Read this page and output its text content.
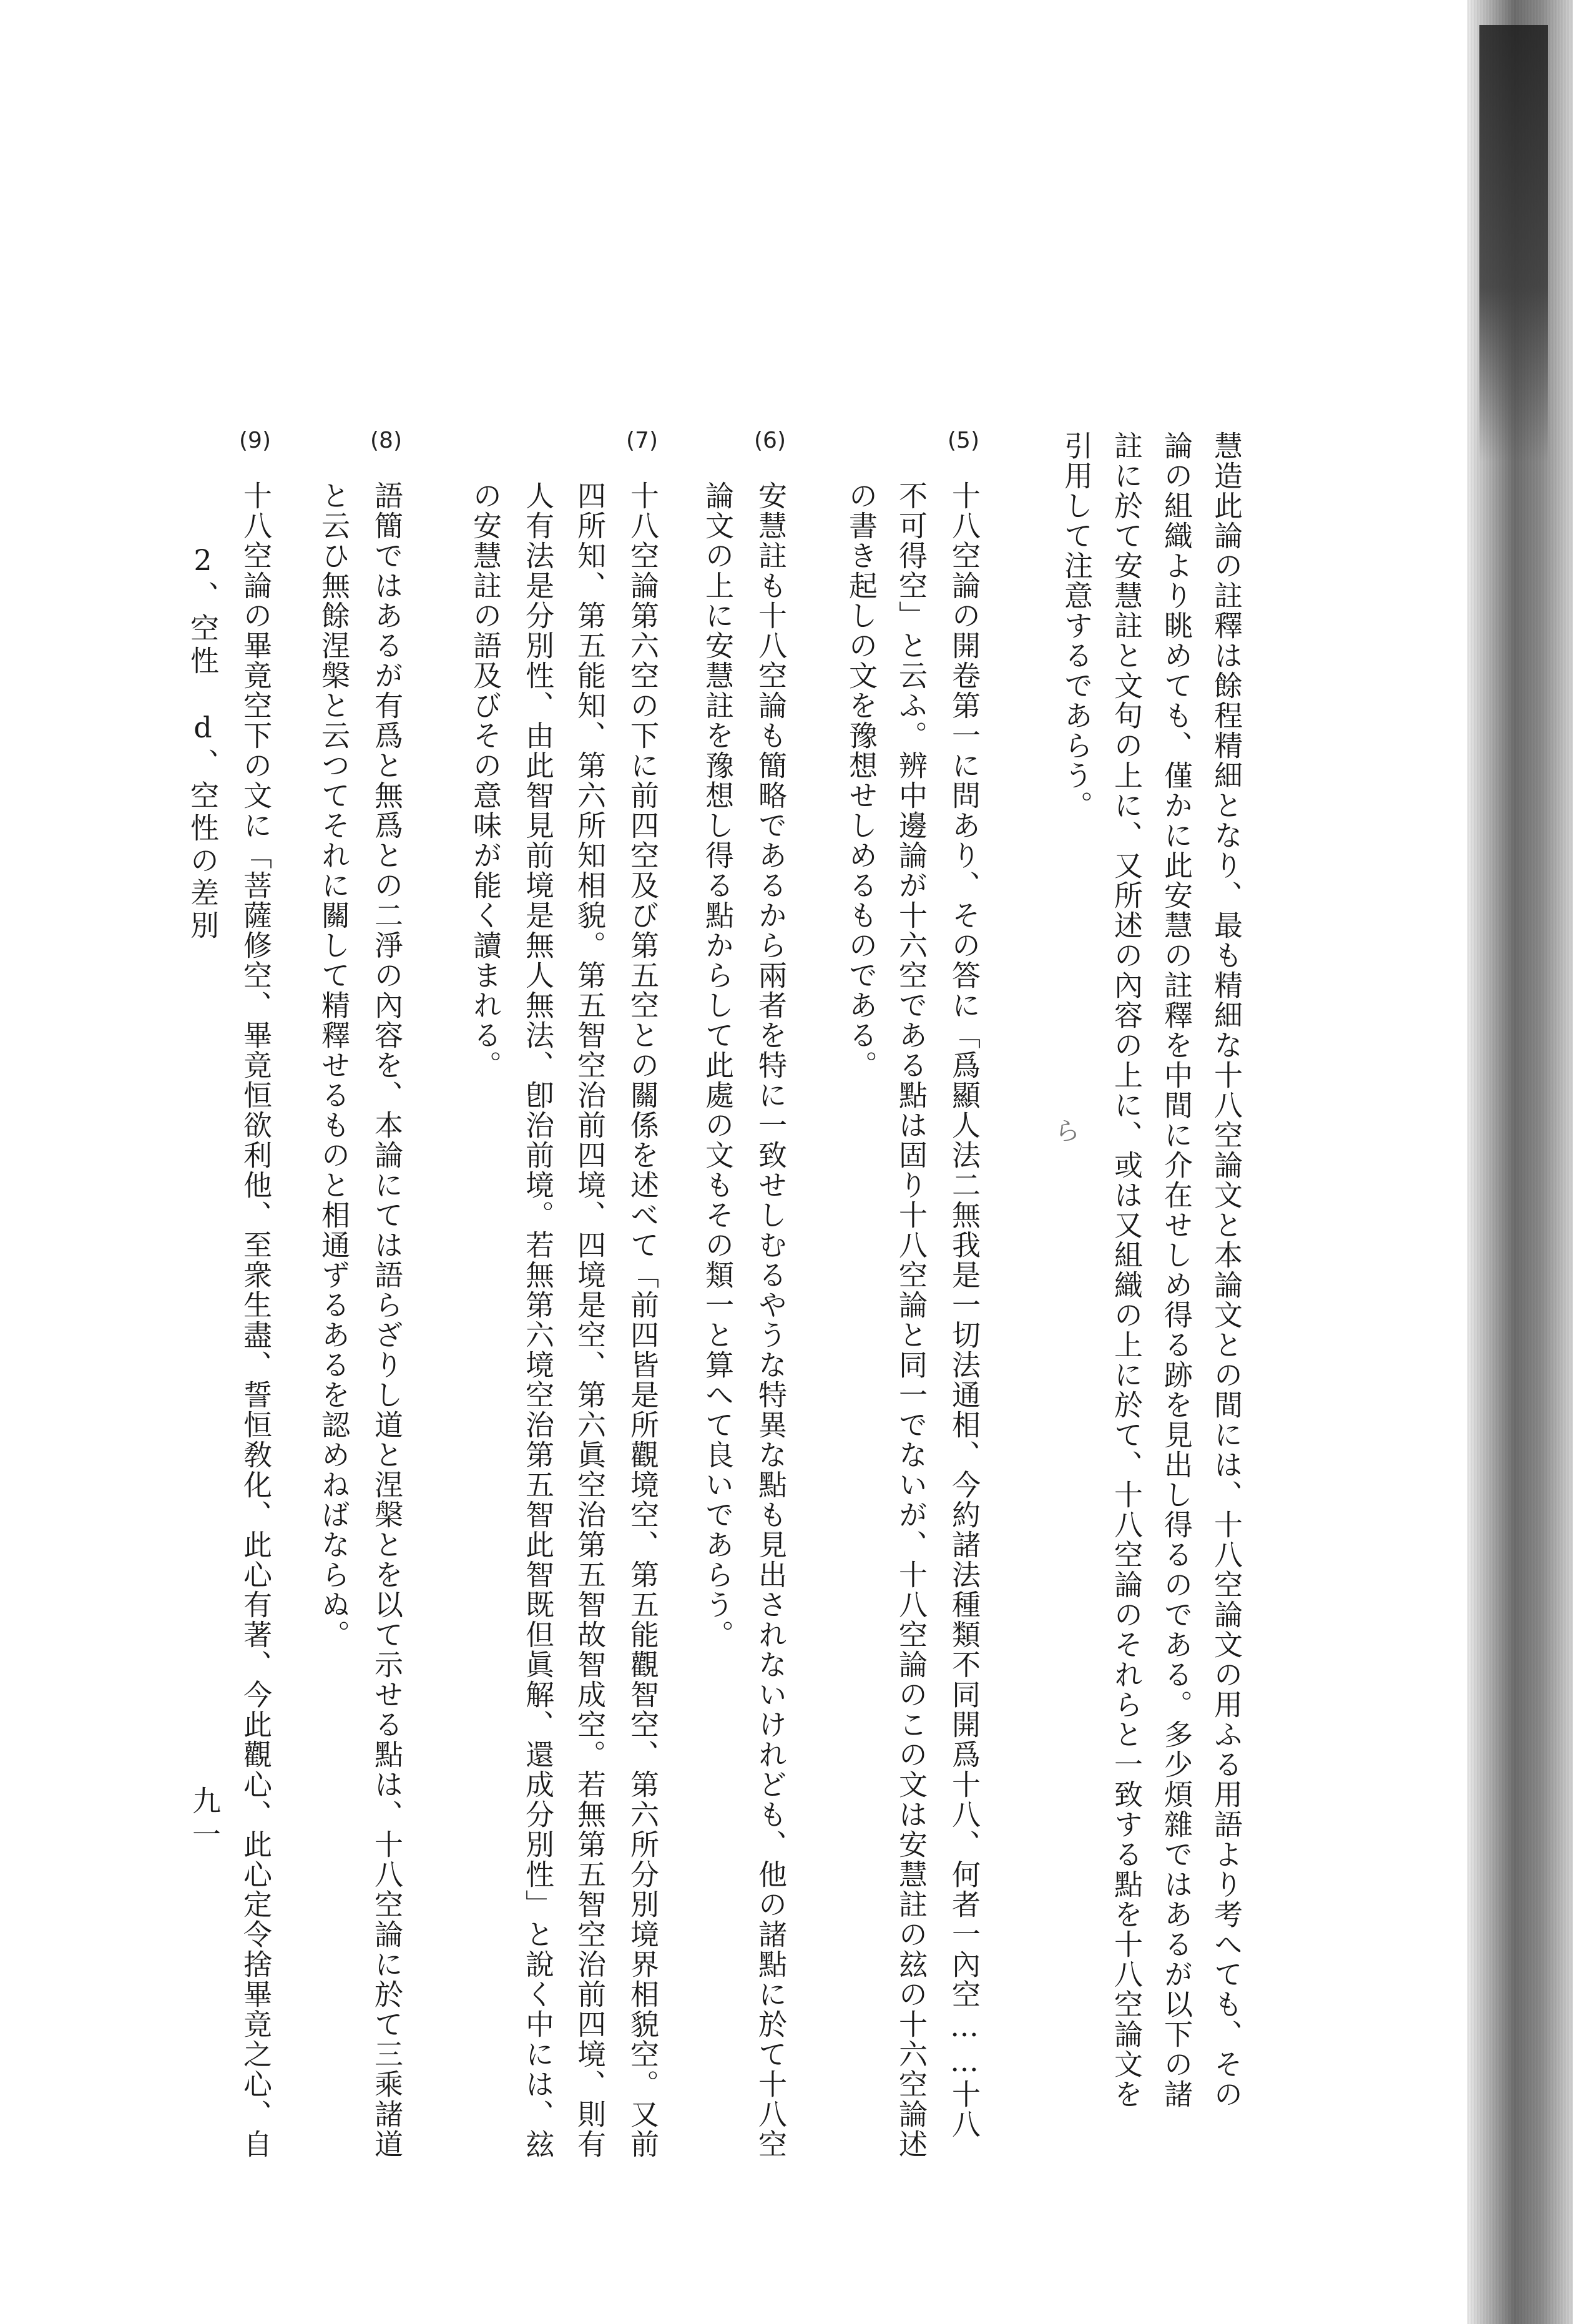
慧造此論の註釋は餘程精細となり、最も精細な十八空論文と本論文との間には、十八空論文の用ふる用語より考へても、その
論の組織より眺めても、僅かに此安慧の註釋を中間に介在せしめ得る跡を見出し得るのである。多少煩雜ではあるが以下の諸
註に於て安慧註と文句の上に、又所述の內容の上に、或は又組織の上に於て、十八空論のそれらと一致する點を十八空論文を
引用して注意するであらう。
(5)
十八空論の開卷第一に問あり、その答に「爲顯人法二無我是一切法通相、今約諸法種類不同開爲十八、何者一內空……十八
不可得空」と云ふ。辨中邊論が十六空である點は固り十八空論と同一でないが、十八空論のこの文は安慧註の玆の十六空論述
の書き起しの文を豫想せしめるものである。
(6)
安慧註も十八空論も簡略であるから兩者を特に一致せしむるやうな特異な點も見出されないけれども、他の諸點に於て十八空
論文の上に安慧註を豫想し得る點からして此處の文もその類一と算へて良いであらう。
(7)
十八空論第六空の下に前四空及び第五空との關係を述べて「前四皆是所觀境空、第五能觀智空、第六所分別境界相貌空。又前
四所知、第五能知、第六所知相貌。第五智空治前四境、四境是空、第六眞空治第五智故智成空。若無第五智空治前四境、則有
人有法是分別性、由此智見前境是無人無法、卽治前境。若無第六境空治第五智此智既但眞解、還成分別性」と說く中には、玆
の安慧註の語及びその意味が能く讀まれる。
(8)
語簡ではあるが有爲と無爲との二淨の內容を、本論にては語らざりし道と涅槃とを以て示せる點は、十八空論に於て三乘諸道
と云ひ無餘涅槃と云つてそれに關して精釋せるものと相通ずるあるを認めねばならぬ。
(9)
十八空論の畢竟空下の文に「菩薩修空、畢竟恒欲利他、至衆生盡、誓恒敎化、此心有著、今此觀心、此心定令捨畢竟之心、自
2、空性　d、空性の差別
九一
ら
